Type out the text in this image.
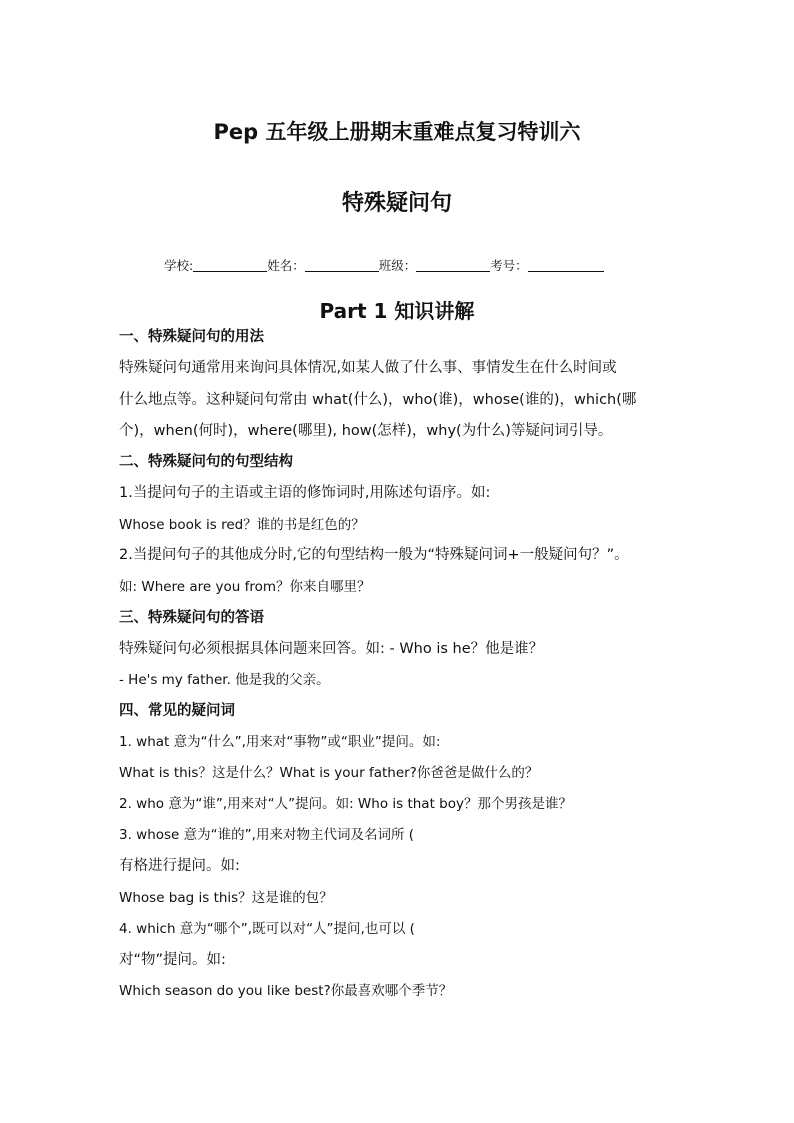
Pep 五年级上册期末重难点复习特训六
特殊疑问句
学校:	姓名：	班级：	考号：
Part 1 知识讲解
一、特殊疑问句的用法
特殊疑问句通常用来询问具体情况,如某人做了什么事、事情发生在什么时间或
什么地点等。这种疑问句常由 what(什么)，who(谁)，whose(谁的)，which(哪
个)，when(何时)，where(哪里), how(怎样)，why(为什么)等疑问词引导。
二、特殊疑问句的句型结构
1.当提问句子的主语或主语的修饰词时,用陈述句语序。如:
Whose book is red？谁的书是红色的？
2.当提问句子的其他成分时,它的句型结构一般为“特殊疑问词+一般疑问句？”。
如: Where are you from？你来自哪里？
三、特殊疑问句的答语
特殊疑问句必须根据具体问题来回答。如: - Who is he？他是谁？
- He's my father. 他是我的父亲。
四、常见的疑问词
1. what 意为“什么”,用来对“事物”或“职业”提问。如:
What is this？这是什么？What is your father?你爸爸是做什么的？
2. who 意为“谁”,用来对“人”提问。如: Who is that boy？那个男孩是谁？
3. whose 意为“谁的”,用来对物主代词及名词所 (
有格进行提问。如:
Whose bag is this？这是谁的包？
4. which 意为“哪个”,既可以对“人”提问,也可以 (
对“物”提问。如:
Which season do you like best?你最喜欢哪个季节？
